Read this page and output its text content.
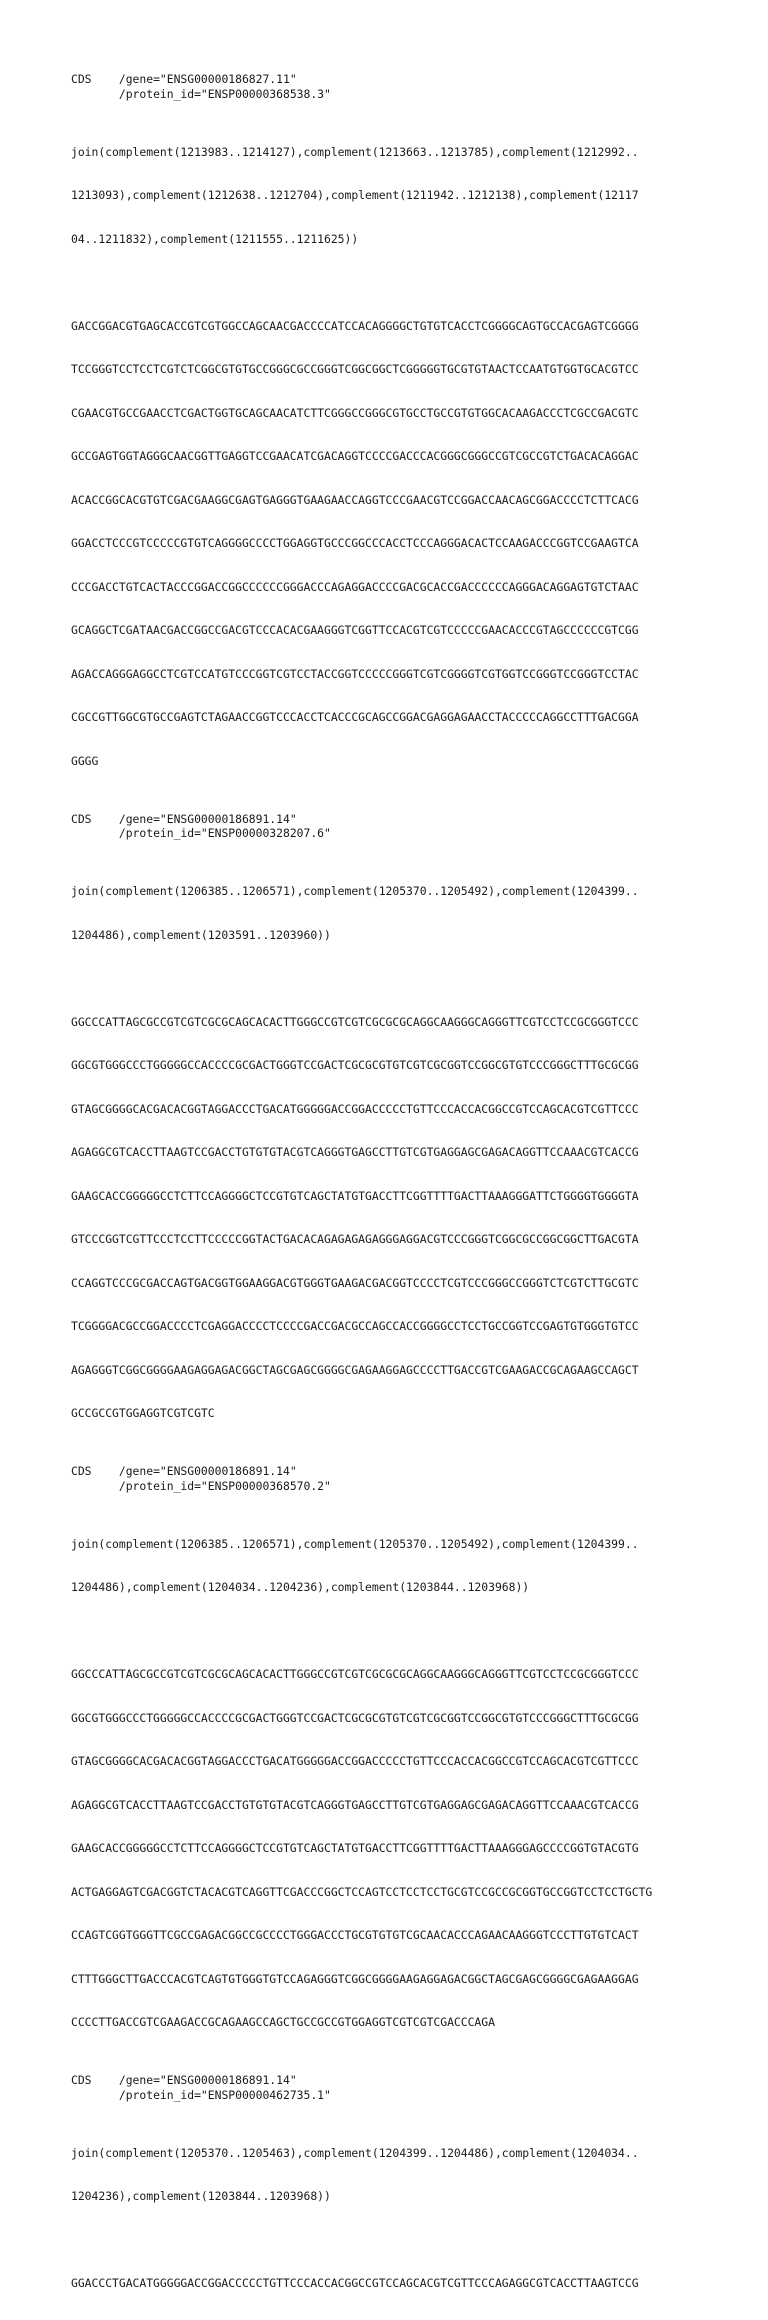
CDS /gene="ENSG00000186827.11"
/protein_id="ENSP00000368538.3"

join(complement(1213983..1214127),complement(1213663..1213785),complement(1212992..

1213093),complement(1212638..1212704),complement(1211942..1212138),complement(12117

04..1211832),complement(1211555..1211625))

GACCGGACGTGAGCACCGTCGTGGCCAGCAACGACCCCATCCACAGGGGCTGTGTCACCTCGGGGCAGTGCCACGAGTCGGGG

TCCGGGTCCTCCTCGTCTCGGCGTGTGCCGGGCGCCGGGTCGGCGGCTCGGGGGTGCGTGTAACTCCAATGTGGTGCACGTCC

CGAACGTGCCGAACCTCGACTGGTGCAGCAACATCTTCGGGCCGGGCGTGCCTGCCGTGTGGCACAAGACCCTCGCCGACGTC

GCCGAGTGGTAGGGCAACGGTTGAGGTCCGAACATCGACAGGTCCCCGACCCACGGGCGGGCCGTCGCCGTCTGACACAGGAC

ACACCGGCACGTGTCGACGAAGGCGAGTGAGGGTGAAGAACCAGGTCCCGAACGTCCGGACCAACAGCGGACCCCTCTTCACG

GGACCTCCCGTCCCCCGTGTCAGGGGCCCCTGGAGGTGCCCGGCCCACCTCCCAGGGACACTCCAAGACCCGGTCCGAAGTCA

CCCGACCTGTCACTACCCGGACCGGCCCCCCGGGACCCAGAGGACCCCGACGCACCGACCCCCCAGGGACAGGAGTGTCTAAC

GCAGGCTCGATAACGACCGGCCGACGTCCCACACGAAGGGTCGGTTCCACGTCGTCCCCCGAACACCCGTAGCCCCCCGTCGG

AGACCAGGGAGGCCTCGTCCATGTCCCGGTCGTCCTACCGGTCCCCCGGGTCGTCGGGGTCGTGGTCCGGGTCCGGGTCCTAC

CGCCGTTGGCGTGCCGAGTCTAGAACCGGTCCCACCTCACCCGCAGCCGGACGAGGAGAACCTACCCCCAGGCCTTTGACGGA

GGGG

CDS /gene="ENSG00000186891.14"
/protein_id="ENSP00000328207.6"

join(complement(1206385..1206571),complement(1205370..1205492),complement(1204399..

1204486),complement(1203591..1203960))

GGCCCATTAGCGCCGTCGTCGCGCAGCACACTTGGGCCGTCGTCGCGCGCAGGCAAGGGCAGGGTTCGTCCTCCGCGGGTCCC

GGCGTGGGCCCTGGGGGCCACCCCGCGACTGGGTCCGACTCGCGCGTGTCGTCGCGGTCCGGCGTGTCCCGGGCTTTGCGCGG

GTAGCGGGGCACGACACGGTAGGACCCTGACATGGGGGACCGGACCCCCTGTTCCCACCACGGCCGTCCAGCACGTCGTTCCC

AGAGGCGTCACCTTAAGTCCGACCTGTGTGTACGTCAGGGTGAGCCTTGTCGTGAGGAGCGAGACAGGTTCCAAACGTCACCG

GAAGCACCGGGGGCCTCTTCCAGGGGCTCCGTGTCAGCTATGTGACCTTCGGTTTTGACTTAAAGGGATTCTGGGGTGGGGTA

GTCCCGGTCGTTCCCTCCTTCCCCCGGTACTGACACAGAGAGAGAGGGAGGACGTCCCGGGTCGGCGCCGGCGGCTTGACGTA

CCAGGTCCCGCGACCAGTGACGGTGGAAGGACGTGGGTGAAGACGACGGTCCCCTCGTCCCGGGCCGGGTCTCGTCTTGCGTC

TCGGGGACGCCGGACCCCTCGAGGACCCCTCCCCGACCGACGCCAGCCACCGGGGCCTCCTGCCGGTCCGAGTGTGGGTGTCC

AGAGGGTCGGCGGGGAAGAGGAGACGGCTAGCGAGCGGGGCGAGAAGGAGCCCCTTGACCGTCGAAGACCGCAGAAGCCAGCT

GCCGCCGTGGAGGTCGTCGTC

CDS /gene="ENSG00000186891.14"
/protein_id="ENSP00000368570.2"

join(complement(1206385..1206571),complement(1205370..1205492),complement(1204399..

1204486),complement(1204034..1204236),complement(1203844..1203968))

GGCCCATTAGCGCCGTCGTCGCGCAGCACACTTGGGCCGTCGTCGCGCGCAGGCAAGGGCAGGGTTCGTCCTCCGCGGGTCCC

GGCGTGGGCCCTGGGGGCCACCCCGCGACTGGGTCCGACTCGCGCGTGTCGTCGCGGTCCGGCGTGTCCCGGGCTTTGCGCGG

GTAGCGGGGCACGACACGGTAGGACCCTGACATGGGGGACCGGACCCCCTGTTCCCACCACGGCCGTCCAGCACGTCGTTCCC

AGAGGCGTCACCTTAAGTCCGACCTGTGTGTACGTCAGGGTGAGCCTTGTCGTGAGGAGCGAGACAGGTTCCAAACGTCACCG

GAAGCACCGGGGGCCTCTTCCAGGGGCTCCGTGTCAGCTATGTGACCTTCGGTTTTGACTTAAAGGGAGCCCCGGTGTACGTG

ACTGAGGAGTCGACGGTCTACACGTCAGGTTCGACCCGGCTCCAGTCCTCCTCCTGCGTCCGCCGCGGTGCCGGTCCTCCTGCTG

CCAGTCGGTGGGTTCGCCGAGACGGCCGCCCCTGGGACCCTGCGTGTGTCGCAACACCCAGAACAAGGGTCCCTTGTGTCACT

CTTTGGGCTTGACCCACGTCAGTGTGGGTGTCCAGAGGGTCGGCGGGGAAGAGGAGACGGCTAGCGAGCGGGGCGAGAAGGAG

CCCCTTGACCGTCGAAGACCGCAGAAGCCAGCTGCCGCCGTGGAGGTCGTCGTCGACCCAGA

CDS /gene="ENSG00000186891.14"
/protein_id="ENSP00000462735.1"

join(complement(1205370..1205463),complement(1204399..1204486),complement(1204034..

1204236),complement(1203844..1203968))

GGACCCTGACATGGGGGACCGGACCCCCTGTTCCCACCACGGCCGTCCAGCACGTCGTTCCCAGAGGCGTCACCTTAAGTCCG
